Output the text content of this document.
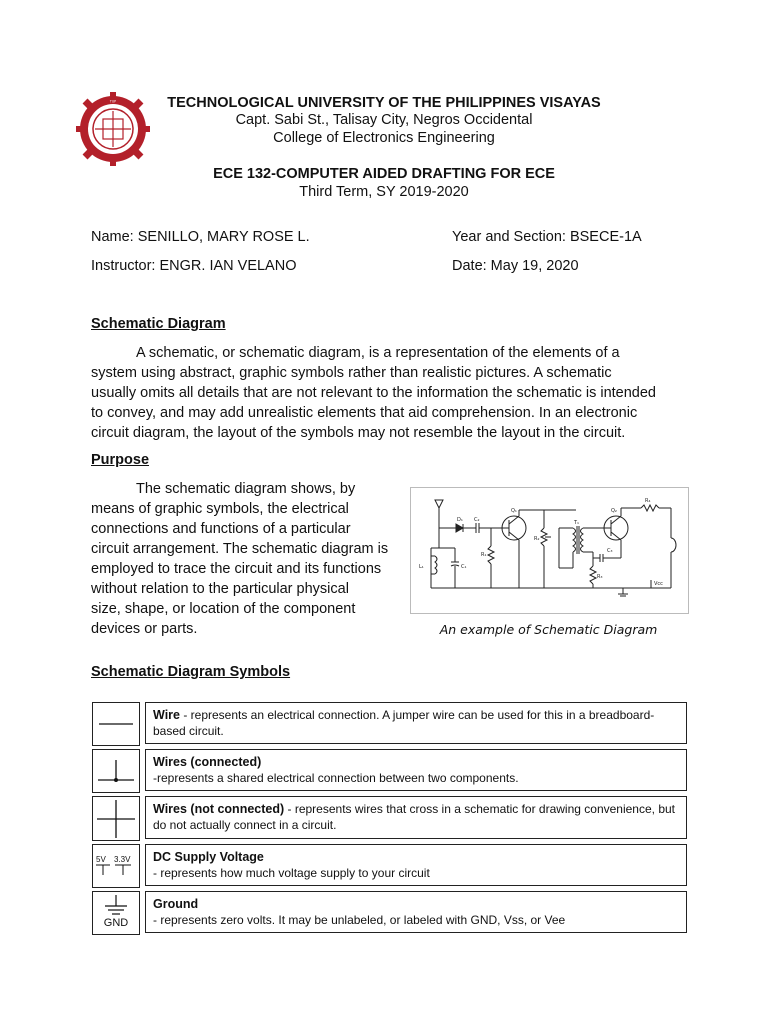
TUP	TECHNOLOGICAL UNIVERSITY OF THE PHILIPPINES VISAYAS
Capt. Sabi St., Talisay City, Negros Occidental
College of Electronics Engineering
ECE 132-COMPUTER AIDED DRAFTING FOR ECE
Third Term, SY 2019-2020
Name: SENILLO, MARY ROSE L.	Year and Section: BSECE-1A
Instructor: ENGR. IAN VELANO	Date: May 19, 2020
Schematic Diagram
A schematic, or schematic diagram, is a representation of the elements of a
system using abstract, graphic symbols rather than realistic pictures. A schematic
usually omits all details that are not relevant to the information the schematic is intended
to convey, and may add unrealistic elements that aid comprehension. In an electronic
circuit diagram, the layout of the symbols may not resemble the layout in the circuit.
Purpose
The schematic diagram shows, by
means of graphic symbols, the electrical
connections and functions of a particular
circuit arrangement. The schematic diagram is
employed to trace the circuit and its functions
without relation to the particular physical
size, shape, or location of the component
devices or parts.
D₁ C₂
Q₁
R₁
R₂
T₁
Q₂
R₄
C₃
R₃
L₁	C₁
Vcc
An example of Schematic Diagram
Schematic Diagram Symbols
Wire - represents an electrical connection. A jumper wire can be used for this in a breadboard-based circuit.
Wires (connected)
-represents a shared electrical connection between two components.
Wires (not connected) - represents wires that cross in a schematic for drawing convenience, but do not actually connect in a circuit.
5V 3.3V	DC Supply Voltage
- represents how much voltage supply to your circuit
GND
Ground
- represents zero volts. It may be unlabeled, or labeled with GND, Vss, or Vee
